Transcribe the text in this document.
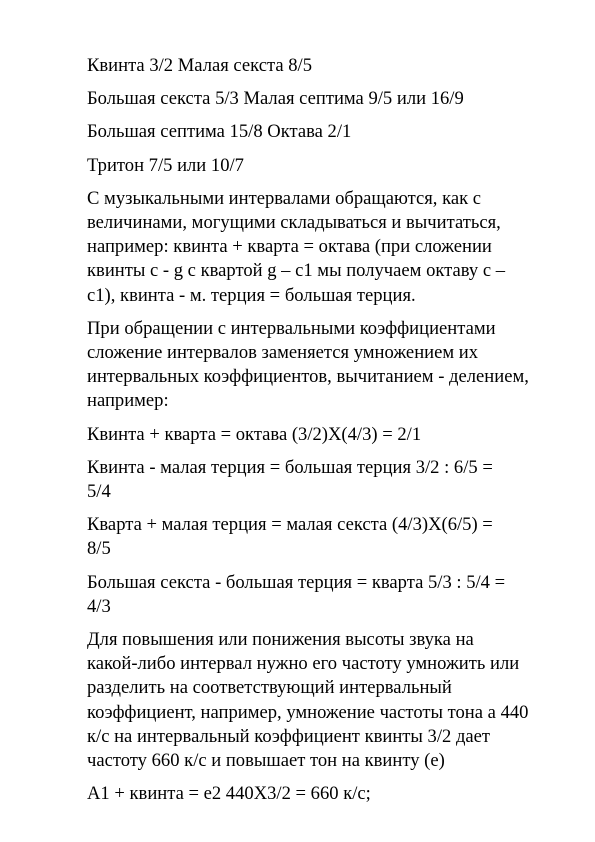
Квинта 3/2 Малая секста 8/5

Большая секста 5/3 Малая септима 9/5 или 16/9

Большая септима 15/8 Октава 2/1

Тритон 7/5 или 10/7

С музыкальными интервалами обращаются, как с
величинами, могущими складываться и вычитаться,
например: квинта + кварта = октава (при сложении
квинты c - g с квартой g – c1 мы получаем октаву с –
с1), квинта - м. терция = большая терция.

При обращении с интервальными коэффициентами
сложение интервалов заменяется умножением их
интервальных коэффициентов, вычитанием - делением,
например:

Квинта + кварта = октава (3/2)Х(4/3) = 2/1

Квинта - малая терция = большая терция 3/2 : 6/5 =
5/4

Кварта + малая терция = малая секста (4/3)Х(6/5) =
8/5

Большая секста - большая терция = кварта 5/3 : 5/4 =
4/3

Для повышения или понижения высоты звука на
какой-либо интервал нужно его частоту умножить или
разделить на соответствующий интервальный
коэффициент, например, умножение частоты тона а 440
к/с на интервальный коэффициент квинты 3/2 дает
частоту 660 к/с и повышает тон на квинту (е)

А1 + квинта = е2 440Х3/2 = 660 к/с;
